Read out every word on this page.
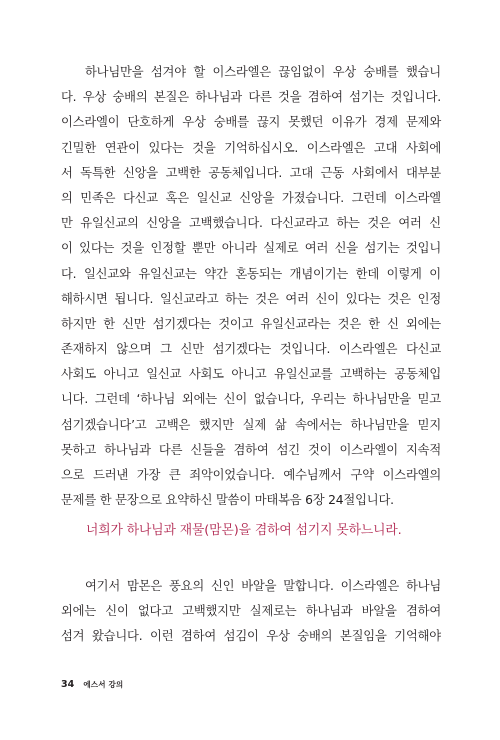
하나님만을 섬겨야 할 이스라엘은 끊임없이 우상 숭배를 했습니
다. 우상 숭배의 본질은 하나님과 다른 것을 겸하여 섬기는 것입니다.
이스라엘이 단호하게 우상 숭배를 끊지 못했던 이유가 경제 문제와
긴밀한 연관이 있다는 것을 기억하십시오. 이스라엘은 고대 사회에
서 독특한 신앙을 고백한 공동체입니다. 고대 근동 사회에서 대부분
의 민족은 다신교 혹은 일신교 신앙을 가졌습니다. 그런데 이스라엘
만 유일신교의 신앙을 고백했습니다. 다신교라고 하는 것은 여러 신
이 있다는 것을 인정할 뿐만 아니라 실제로 여러 신을 섬기는 것입니
다. 일신교와 유일신교는 약간 혼동되는 개념이기는 한데 이렇게 이
해하시면 됩니다. 일신교라고 하는 것은 여러 신이 있다는 것은 인정
하지만 한 신만 섬기겠다는 것이고 유일신교라는 것은 한 신 외에는
존재하지 않으며 그 신만 섬기겠다는 것입니다. 이스라엘은 다신교
사회도 아니고 일신교 사회도 아니고 유일신교를 고백하는 공동체입
니다. 그런데 ‘하나님 외에는 신이 없습니다, 우리는 하나님만을 믿고
섬기겠습니다’고 고백은 했지만 실제 삶 속에서는 하나님만을 믿지
못하고 하나님과 다른 신들을 겸하여 섬긴 것이 이스라엘이 지속적
으로 드러낸 가장 큰 죄악이었습니다. 예수님께서 구약 이스라엘의
문제를 한 문장으로 요약하신 말씀이 마태복음 6장 24절입니다.

너희가 하나님과 재물(맘몬)을 겸하여 섬기지 못하느니라.

여기서 맘몬은 풍요의 신인 바알을 말합니다. 이스라엘은 하나님
외에는 신이 없다고 고백했지만 실제로는 하나님과 바알을 겸하여
섬겨 왔습니다. 이런 겸하여 섬김이 우상 숭배의 본질임을 기억해야
34 에스서 강의
